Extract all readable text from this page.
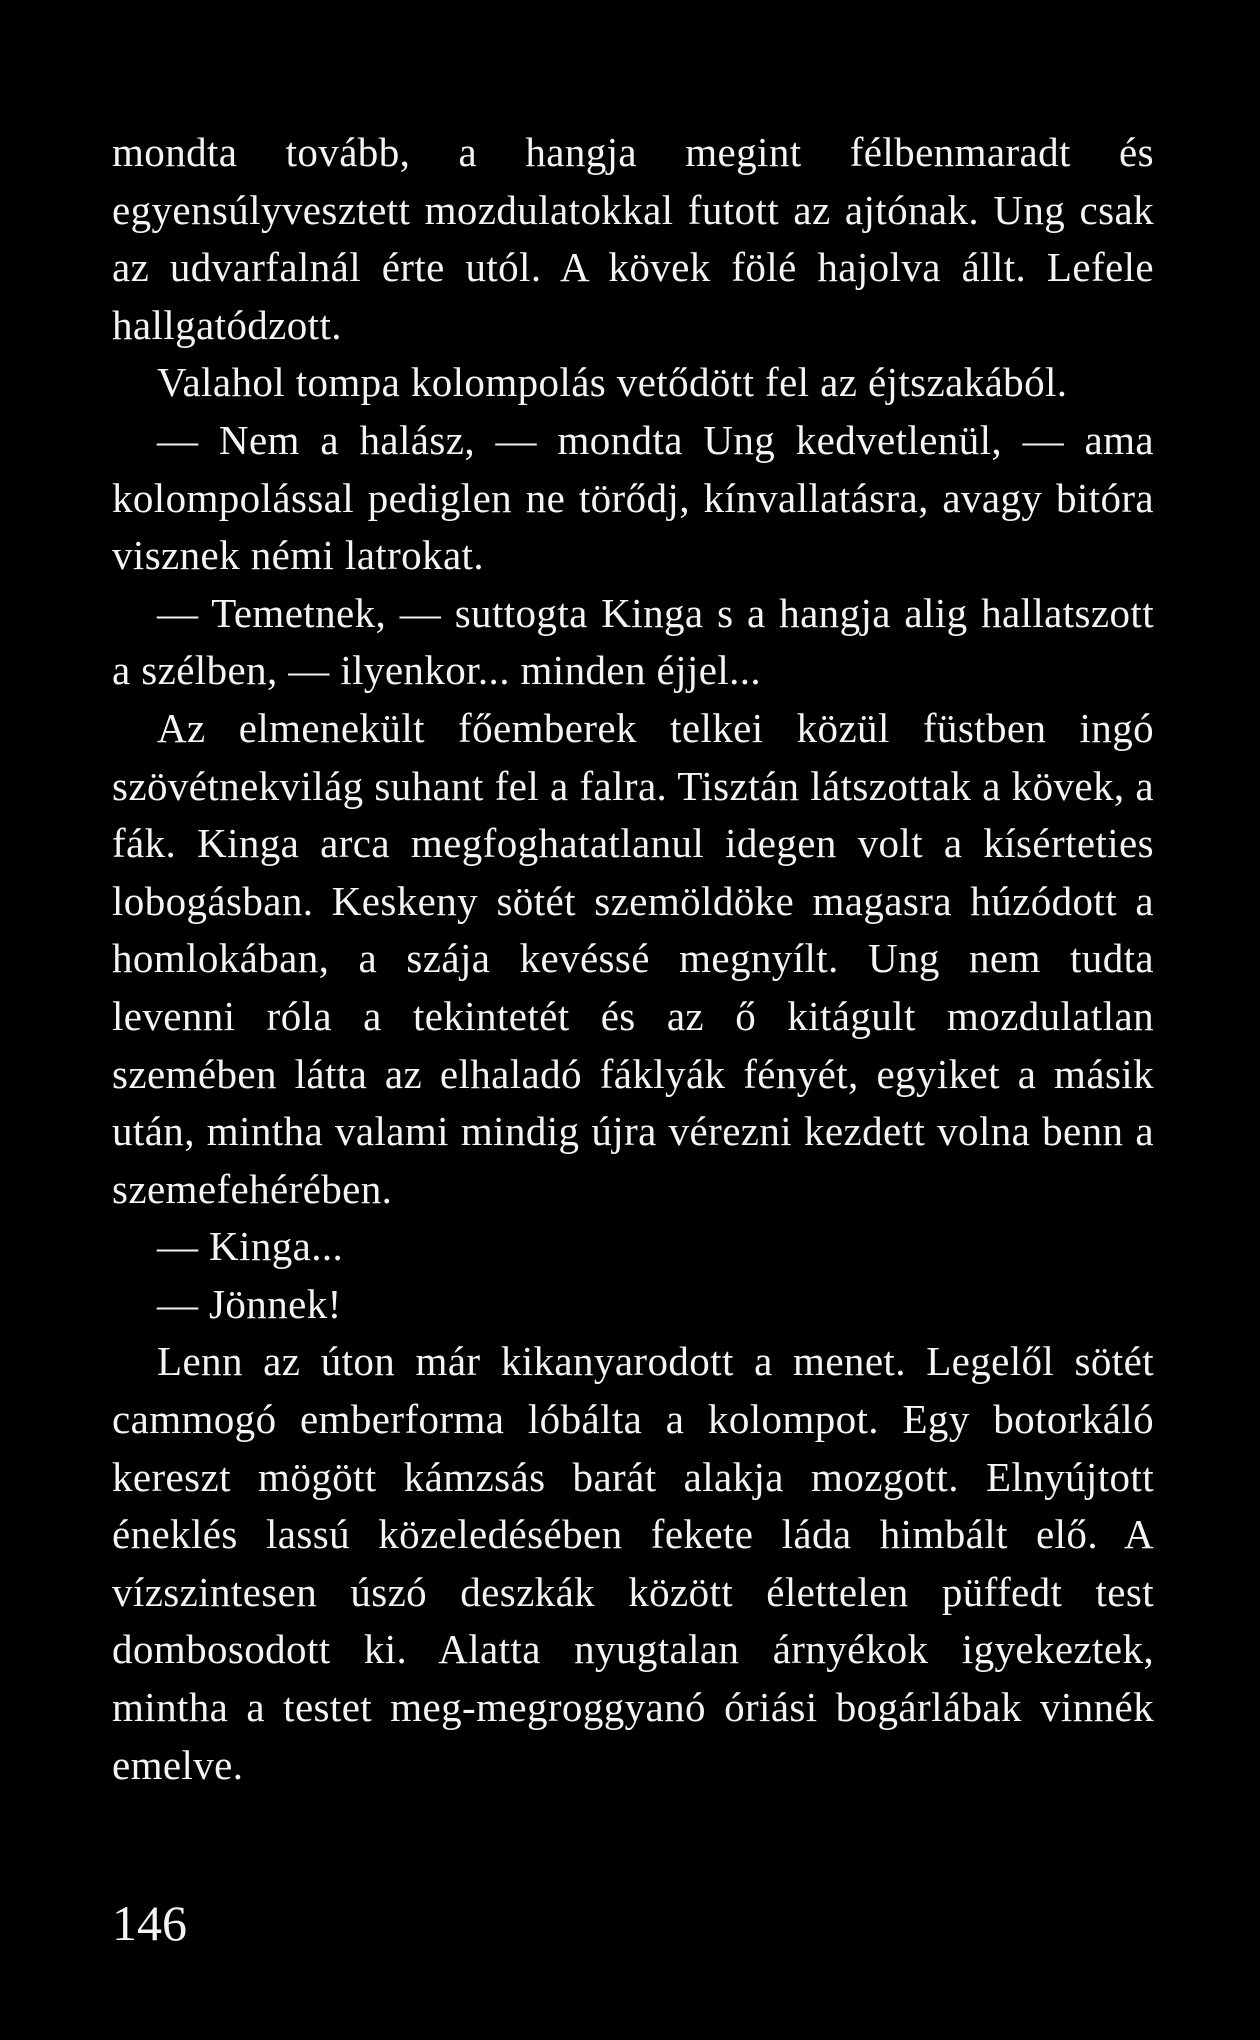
mondta tovább, a hangja megint félbenmaradt és egyensúlyvesztett mozdulatokkal futott az ajtónak. Ung csak az udvarfalnál érte utól. A kövek fölé hajolva állt. Lefele hallgatódzott.

Valahol tompa kolompolás vetődött fel az éjtszakából.

— Nem a halász, — mondta Ung kedvetlenül, — ama kolompolással pediglen ne törődj, kínvallatásra, avagy bitóra visznek némi latrokat.

— Temetnek, — suttogta Kinga s a hangja alig hallatszott a szélben, — ilyenkor... minden éjjel...

Az elmenekült főemberek telkei közül füstben ingó szövétnekvilág suhant fel a falra. Tisztán látszottak a kövek, a fák. Kinga arca megfoghatatlanul idegen volt a kísérteties lobogásban. Keskeny sötét szemöldöke magasra húzódott a homlokában, a szája kevéssé megnyílt. Ung nem tudta levenni róla a tekintetét és az ő kitágult mozdulatlan szemében látta az elhaladó fáklyák fényét, egyiket a másik után, mintha valami mindig újra vérezni kezdett volna benn a szemefehérében.

— Kinga...

— Jönnek!

Lenn az úton már kikanyarodott a menet. Legelől sötét cammogó emberforma lóbálta a kolompot. Egy botorkáló kereszt mögött kámzsás barát alakja mozgott. Elnyújtott éneklés lassú közeledésében fekete láda himbált elő. A vízszintesen úszó deszkák között élettelen püffedt test dombosodott ki. Alatta nyugtalan árnyékok igyekeztek, mintha a testet meg-megroggyanó óriási bogárlábak vinnék emelve.

146
